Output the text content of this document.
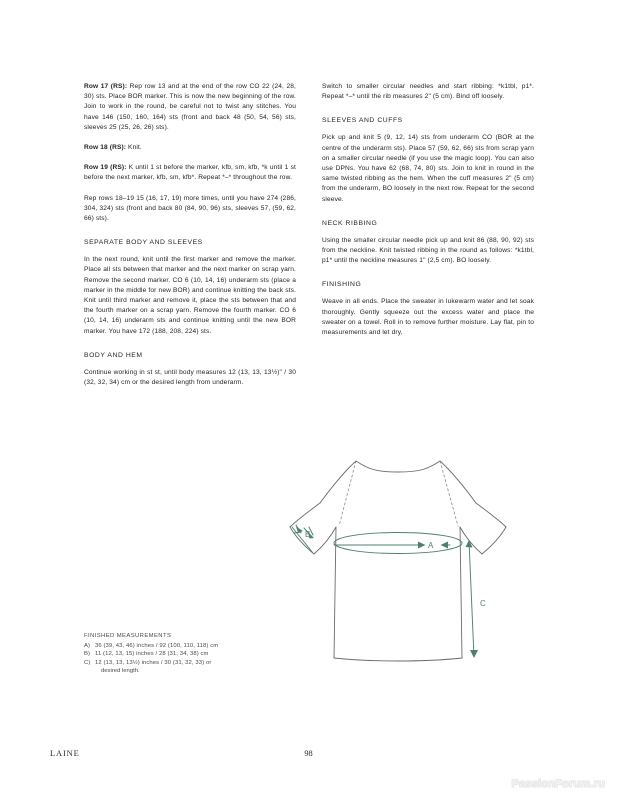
Row 17 (RS): Rep row 13 and at the end of the row CO 22 (24, 28, 30) sts. Place BOR marker. This is now the new beginning of the row. Join to work in the round, be careful not to twist any stitches. You have 146 (150, 160, 164) sts (front and back 48 (50, 54, 56) sts, sleeves 25 (25, 26, 26) sts).

Row 18 (RS): Knit.

Row 19 (RS): K until 1 st before the marker, kfb, sm, kfb, *k until 1 st before the next marker, kfb, sm, kfb*. Repeat *–* throughout the row.

Rep rows 18–19 15 (16, 17, 19) more times, until you have 274 (286, 304, 324) sts (front and back 80 (84, 90, 96) sts, sleeves 57, (59, 62, 66) sts).

SEPARATE BODY AND SLEEVES

In the next round, knit until the first marker and remove the marker. Place all sts between that marker and the next marker on scrap yarn. Remove the second marker. CO 6 (10, 14, 16) underarm sts (place a marker in the middle for new BOR) and continue knitting the back sts. Knit until third marker and remove it, place the sts between that and the fourth marker on a scrap yarn. Remove the fourth marker. CO 6 (10, 14, 16) underarm sts and continue knitting until the new BOR marker. You have 172 (188, 208, 224) sts.

BODY AND HEM

Continue working in st st, until body measures 12 (13, 13, 13½)" / 30 (32, 32, 34) cm or the desired length from underarm.

Switch to smaller circular needles and start ribbing: *k1tbl, p1*. Repeat *–* until the rib measures 2" (5 cm). Bind off loosely.

SLEEVES AND CUFFS

Pick up and knit 5 (9, 12, 14) sts from underarm CO (BOR at the centre of the underarm sts). Place 57 (59, 62, 66) sts from scrap yarn on a smaller circular needle (if you use the magic loop). You can also use DPNs. You have 62 (68, 74, 80) sts. Join to knit in round in the same twisted ribbing as the hem. When the cuff measures 2" (5 cm) from the underarm, BO loosely in the next row. Repeat for the second sleeve.

NECK RIBBING

Using the smaller circular needle pick up and knit 86 (88, 90, 92) sts from the neckline. Knit twisted ribbing in the round as follows: *k1tbl, p1* until the neckline measures 1" (2,5 cm). BO loosely.

FINISHING

Weave in all ends. Place the sweater in lukewarm water and let soak thoroughly. Gently squeeze out the excess water and place the sweater on a towel. Roll in to remove further moisture. Lay flat, pin to measurements and let dry.

FINISHED MEASUREMENTS
A) 36 (39, 43, 46) inches / 92 (100, 110, 118) cm
B) 11 (12, 13, 15) inches / 28 (31, 34, 38) cm
C) 12 (13, 13, 13½) inches / 30 (31, 32, 33) or
desired length.
A
B
C
LAINE	98
PassionForum.ru
